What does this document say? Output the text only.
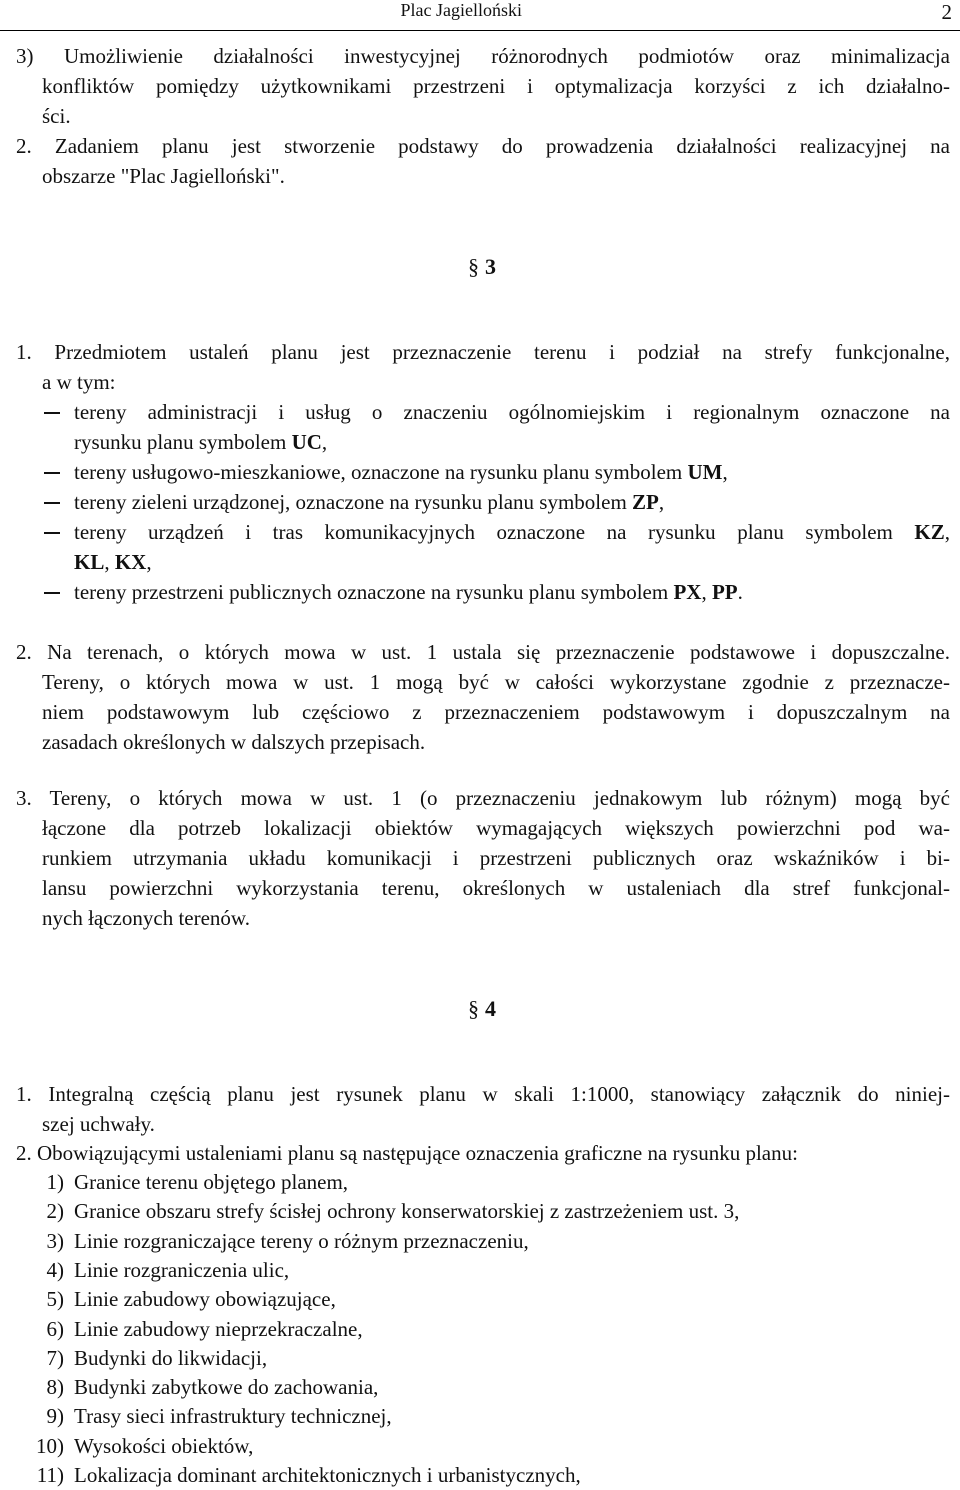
Plac Jagielloński	2
3) Umożliwienie działalności inwestycyjnej różnorodnych podmiotów oraz minimalizacja
konfliktów pomiędzy użytkownikami przestrzeni i optymalizacja korzyści z ich działalno-
ści.
2. Zadaniem planu jest stworzenie podstawy do prowadzenia działalności realizacyjnej na
obszarze "Plac Jagielloński".
§ 3
1. Przedmiotem ustaleń planu jest przeznaczenie terenu i podział na strefy funkcjonalne,
a w tym:
tereny administracji i usług o znaczeniu ogólnomiejskim i regionalnym oznaczone na
rysunku planu symbolem UC,
tereny usługowo-mieszkaniowe, oznaczone na rysunku planu symbolem UM,
tereny zieleni urządzonej, oznaczone na rysunku planu symbolem ZP,
tereny urządzeń i tras komunikacyjnych oznaczone na rysunku planu symbolem KZ,
KL, KX,
tereny przestrzeni publicznych oznaczone na rysunku planu symbolem PX, PP.
2. Na terenach, o których mowa w ust. 1 ustala się przeznaczenie podstawowe i dopuszczalne.
Tereny, o których mowa w ust. 1 mogą być w całości wykorzystane zgodnie z przeznacze-
niem podstawowym lub częściowo z przeznaczeniem podstawowym i dopuszczalnym na
zasadach określonych w dalszych przepisach.
3. Tereny, o których mowa w ust. 1 (o przeznaczeniu jednakowym lub różnym) mogą być
łączone dla potrzeb lokalizacji obiektów wymagających większych powierzchni pod wa-
runkiem utrzymania układu komunikacji i przestrzeni publicznych oraz wskaźników i bi-
lansu powierzchni wykorzystania terenu, określonych w ustaleniach dla stref funkcjonal-
nych łączonych terenów.
§ 4
1. Integralną częścią planu jest rysunek planu w skali 1:1000, stanowiący załącznik do niniej-
szej uchwały.
2. Obowiązującymi ustaleniami planu są następujące oznaczenia graficzne na rysunku planu:
1) Granice terenu objętego planem,
2) Granice obszaru strefy ścisłej ochrony konserwatorskiej z zastrzeżeniem ust. 3,
3) Linie rozgraniczające tereny o różnym przeznaczeniu,
4) Linie rozgraniczenia ulic,
5) Linie zabudowy obowiązujące,
6) Linie zabudowy nieprzekraczalne,
7) Budynki do likwidacji,
8) Budynki zabytkowe do zachowania,
9) Trasy sieci infrastruktury technicznej,
10) Wysokości obiektów,
11) Lokalizacja dominant architektonicznych i urbanistycznych,
